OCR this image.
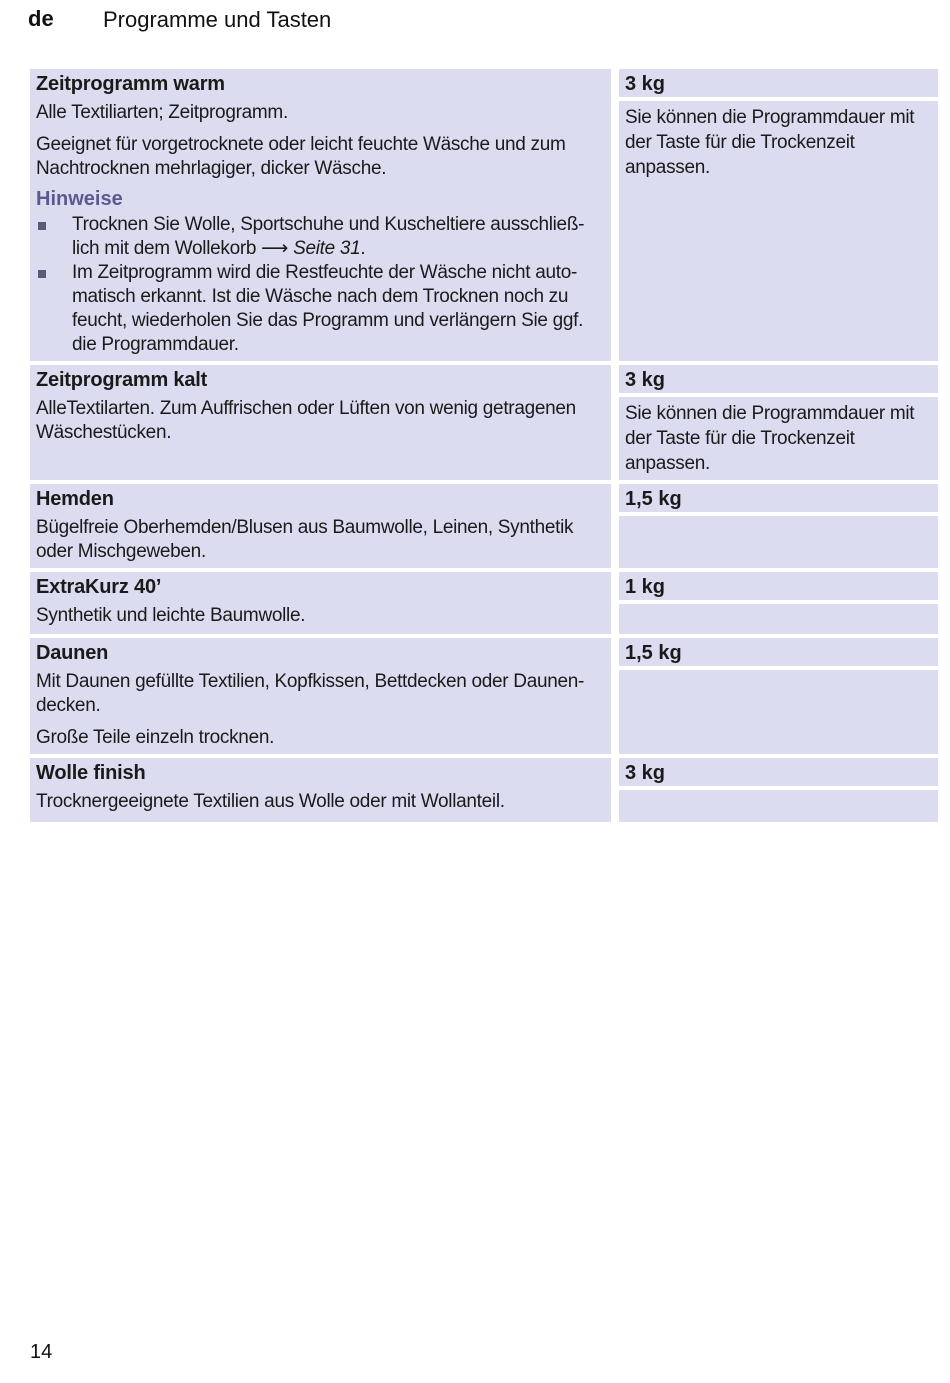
de Programme und Tasten
Zeitprogramm warm
Alle Textiliarten; Zeitprogramm.
Geeignet für vorgetrocknete oder leicht feuchte Wäsche und zum Nachtrocknen mehrlagiger, dicker Wäsche.
Hinweise
Trocknen Sie Wolle, Sportschuhe und Kuscheltiere ausschließ-lich mit dem Wollekorb ⟶ Seite 31.
Im Zeitprogramm wird die Restfeuchte der Wäsche nicht auto-matisch erkannt. Ist die Wäsche nach dem Trocknen noch zu feucht, wiederholen Sie das Programm und verlängern Sie ggf. die Programmdauer.
3 kg
Sie können die Programmdauer mit der Taste für die Trockenzeit anpassen.
Zeitprogramm kalt
AlleTextilarten. Zum Auffrischen oder Lüften von wenig getragenen Wäschestücken.
3 kg
Sie können die Programmdauer mit der Taste für die Trockenzeit anpassen.
Hemden
Bügelfreie Oberhemden/Blusen aus Baumwolle, Leinen, Synthetik oder Mischgeweben.
1,5 kg
ExtraKurz 40’
Synthetik und leichte Baumwolle.
1 kg
Daunen
Mit Daunen gefüllte Textilien, Kopfkissen, Bettdecken oder Daunen-decken.
Große Teile einzeln trocknen.
1,5 kg
Wolle finish
Trocknergeeignete Textilien aus Wolle oder mit Wollanteil.
3 kg
14
